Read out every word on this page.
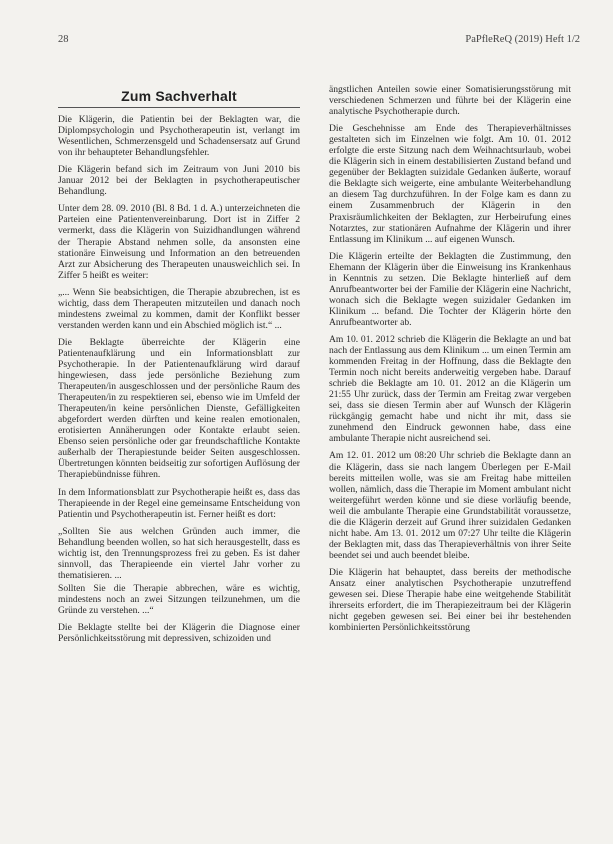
28	PaPfleReQ (2019) Heft 1/2
Zum Sachverhalt

Die Klägerin, die Patientin bei der Beklagten war, die Diplompsychologin und Psychotherapeutin ist, verlangt im Wesentlichen, Schmerzensgeld und Schadensersatz auf Grund von ihr behaupteter Behandlungsfehler.

Die Klägerin befand sich im Zeitraum von Juni 2010 bis Januar 2012 bei der Beklagten in psychotherapeutischer Behandlung.

Unter dem 28. 09. 2010 (Bl. 8 Bd. 1 d. A.) unterzeichneten die Parteien eine Patientenvereinbarung. Dort ist in Ziffer 2 vermerkt, dass die Klägerin von Suizidhandlungen während der Therapie Abstand nehmen solle, da ansonsten eine stationäre Einweisung und Information an den betreuenden Arzt zur Absicherung des Therapeuten unausweichlich sei. In Ziffer 5 heißt es weiter:

„... Wenn Sie beabsichtigen, die Therapie abzubrechen, ist es wichtig, dass dem Therapeuten mitzuteilen und danach noch mindestens zweimal zu kommen, damit der Konflikt besser verstanden werden kann und ein Abschied möglich ist.“ ...

Die Beklagte überreichte der Klägerin eine Patientenaufklärung und ein Informationsblatt zur Psychotherapie. In der Patientenaufklärung wird darauf hingewiesen, dass jede persönliche Beziehung zum Therapeuten/in ausgeschlossen und der persönliche Raum des Therapeuten/in zu respektieren sei, ebenso wie im Umfeld der Therapeuten/in keine persönlichen Dienste, Gefälligkeiten abgefordert werden dürften und keine realen emotionalen, erotisierten Annäherungen oder Kontakte erlaubt seien. Ebenso seien persönliche oder gar freundschaftliche Kontakte außerhalb der Therapiestunde beider Seiten ausgeschlossen. Übertretungen könnten beidseitig zur sofortigen Auflösung der Therapiebündnisse führen.

In dem Informationsblatt zur Psychotherapie heißt es, dass das Therapieende in der Regel eine gemeinsame Entscheidung von Patientin und Psychotherapeutin ist. Ferner heißt es dort:

„Sollten Sie aus welchen Gründen auch immer, die Behandlung beenden wollen, so hat sich herausgestellt, dass es wichtig ist, den Trennungsprozess frei zu geben. Es ist daher sinnvoll, das Therapieende ein viertel Jahr vorher zu thematisieren. ...

Sollten Sie die Therapie abbrechen, wäre es wichtig, mindestens noch an zwei Sitzungen teilzunehmen, um die Gründe zu verstehen. ...“

Die Beklagte stellte bei der Klägerin die Diagnose einer Persönlichkeitsstörung mit depressiven, schizoiden und

ängstlichen Anteilen sowie einer Somatisierungsstörung mit verschiedenen Schmerzen und führte bei der Klägerin eine analytische Psychotherapie durch.

Die Geschehnisse am Ende des Therapieverhältnisses gestalteten sich im Einzelnen wie folgt. Am 10. 01. 2012 erfolgte die erste Sitzung nach dem Weihnachtsurlaub, wobei die Klägerin sich in einem destabilisierten Zustand befand und gegenüber der Beklagten suizidale Gedanken äußerte, worauf die Beklagte sich weigerte, eine ambulante Weiterbehandlung an diesem Tag durchzuführen. In der Folge kam es dann zu einem Zusammenbruch der Klägerin in den Praxisräumlichkeiten der Beklagten, zur Herbeirufung eines Notarztes, zur stationären Aufnahme der Klägerin und ihrer Entlassung im Klinikum ... auf eigenen Wunsch.

Die Klägerin erteilte der Beklagten die Zustimmung, den Ehemann der Klägerin über die Einweisung ins Krankenhaus in Kenntnis zu setzen. Die Beklagte hinterließ auf dem Anrufbeantworter bei der Familie der Klägerin eine Nachricht, wonach sich die Beklagte wegen suizidaler Gedanken im Klinikum ... befand. Die Tochter der Klägerin hörte den Anrufbeantworter ab.

Am 10. 01. 2012 schrieb die Klägerin die Beklagte an und bat nach der Entlassung aus dem Klinikum ... um einen Termin am kommenden Freitag in der Hoffnung, dass die Beklagte den Termin noch nicht bereits anderweitig vergeben habe. Darauf schrieb die Beklagte am 10. 01. 2012 an die Klägerin um 21:55 Uhr zurück, dass der Termin am Freitag zwar vergeben sei, dass sie diesen Termin aber auf Wunsch der Klägerin rückgängig gemacht habe und nicht ihr mit, dass sie zunehmend den Eindruck gewonnen habe, dass eine ambulante Therapie nicht ausreichend sei.

Am 12. 01. 2012 um 08:20 Uhr schrieb die Beklagte dann an die Klägerin, dass sie nach langem Überlegen per E-Mail bereits mitteilen wolle, was sie am Freitag habe mitteilen wollen, nämlich, dass die Therapie im Moment ambulant nicht weitergeführt werden könne und sie diese vorläufig beende, weil die ambulante Therapie eine Grundstabilität voraussetze, die die Klägerin derzeit auf Grund ihrer suizidalen Gedanken nicht habe. Am 13. 01. 2012 um 07:27 Uhr teilte die Klägerin der Beklagten mit, dass das Therapieverhältnis von ihrer Seite beendet sei und auch beendet bleibe.

Die Klägerin hat behauptet, dass bereits der methodische Ansatz einer analytischen Psychotherapie unzutreffend gewesen sei. Diese Therapie habe eine weitgehende Stabilität ihrerseits erfordert, die im Therapiezeitraum bei der Klägerin nicht gegeben gewesen sei. Bei einer bei ihr bestehenden kombinierten Persönlichkeitsstörung
